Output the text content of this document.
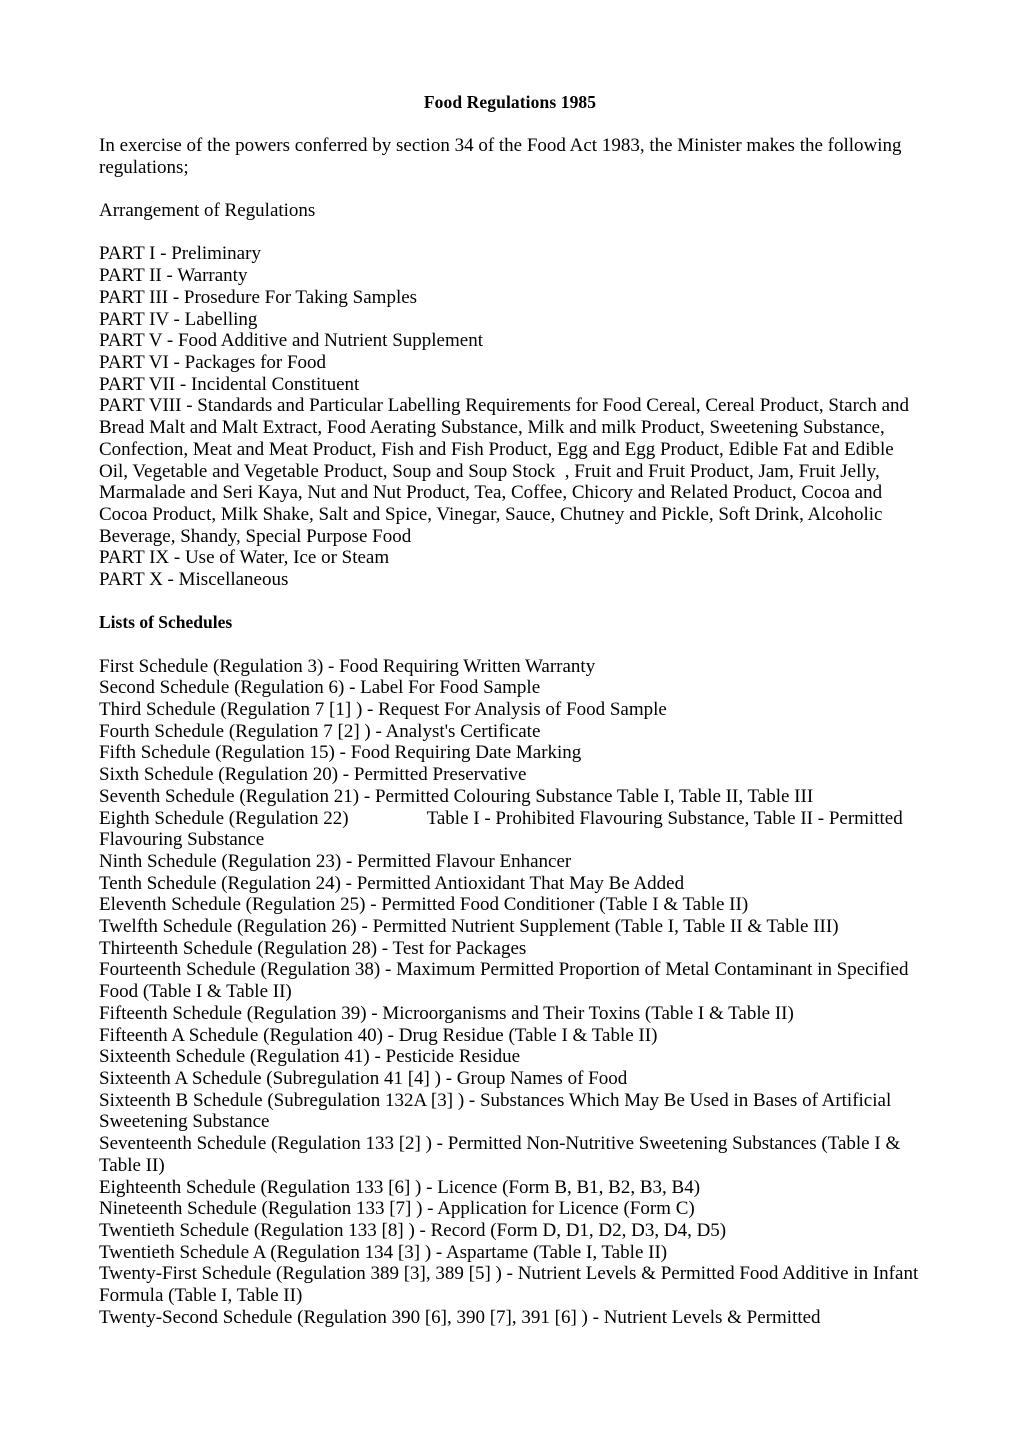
Food Regulations 1985

In exercise of the powers conferred by section 34 of the Food Act 1983, the Minister makes the following regulations;

Arrangement of Regulations

PART I - Preliminary
PART II - Warranty
PART III - Prosedure For Taking Samples
PART IV - Labelling
PART V - Food Additive and Nutrient Supplement
PART VI - Packages for Food
PART VII - Incidental Constituent
PART VIII - Standards and Particular Labelling Requirements for Food Cereal, Cereal Product, Starch and Bread Malt and Malt Extract, Food Aerating Substance, Milk and milk Product, Sweetening Substance, Confection, Meat and Meat Product, Fish and Fish Product, Egg and Egg Product, Edible Fat and Edible Oil, Vegetable and Vegetable Product, Soup and Soup Stock  , Fruit and Fruit Product, Jam, Fruit Jelly, Marmalade and Seri Kaya, Nut and Nut Product, Tea, Coffee, Chicory and Related Product, Cocoa and Cocoa Product, Milk Shake, Salt and Spice, Vinegar, Sauce, Chutney and Pickle, Soft Drink, Alcoholic Beverage, Shandy, Special Purpose Food
PART IX - Use of Water, Ice or Steam
PART X - Miscellaneous

Lists of Schedules

First Schedule (Regulation 3) - Food Requiring Written Warranty
Second Schedule (Regulation 6) - Label For Food Sample
Third Schedule (Regulation 7 [1] ) - Request For Analysis of Food Sample
Fourth Schedule (Regulation 7 [2] ) - Analyst's Certificate
Fifth Schedule (Regulation 15) - Food Requiring Date Marking
Sixth Schedule (Regulation 20) - Permitted Preservative
Seventh Schedule (Regulation 21) - Permitted Colouring Substance Table I, Table II, Table III
Eighth Schedule (Regulation 22)	Table I - Prohibited Flavouring Substance, Table II - Permitted Flavouring Substance
Ninth Schedule (Regulation 23) - Permitted Flavour Enhancer
Tenth Schedule (Regulation 24) - Permitted Antioxidant That May Be Added
Eleventh Schedule (Regulation 25) - Permitted Food Conditioner (Table I & Table II)
Twelfth Schedule (Regulation 26) - Permitted Nutrient Supplement (Table I, Table II & Table III)
Thirteenth Schedule (Regulation 28) - Test for Packages
Fourteenth Schedule (Regulation 38) - Maximum Permitted Proportion of Metal Contaminant in Specified Food (Table I & Table II)
Fifteenth Schedule (Regulation 39) - Microorganisms and Their Toxins (Table I & Table II)
Fifteenth A Schedule (Regulation 40) - Drug Residue (Table I & Table II)
Sixteenth Schedule (Regulation 41) - Pesticide Residue
Sixteenth A Schedule (Subregulation 41 [4] ) - Group Names of Food
Sixteenth B Schedule (Subregulation 132A [3] ) - Substances Which May Be Used in Bases of Artificial Sweetening Substance
Seventeenth Schedule (Regulation 133 [2] ) - Permitted Non-Nutritive Sweetening Substances (Table I & Table II)
Eighteenth Schedule (Regulation 133 [6] ) - Licence (Form B, B1, B2, B3, B4)
Nineteenth Schedule (Regulation 133 [7] ) - Application for Licence (Form C)
Twentieth Schedule (Regulation 133 [8] ) - Record (Form D, D1, D2, D3, D4, D5)
Twentieth Schedule A (Regulation 134 [3] ) - Aspartame (Table I, Table II)
Twenty-First Schedule (Regulation 389 [3], 389 [5] ) - Nutrient Levels & Permitted Food Additive in Infant Formula (Table I, Table II)
Twenty-Second Schedule (Regulation 390 [6], 390 [7], 391 [6] ) - Nutrient Levels & Permitted
